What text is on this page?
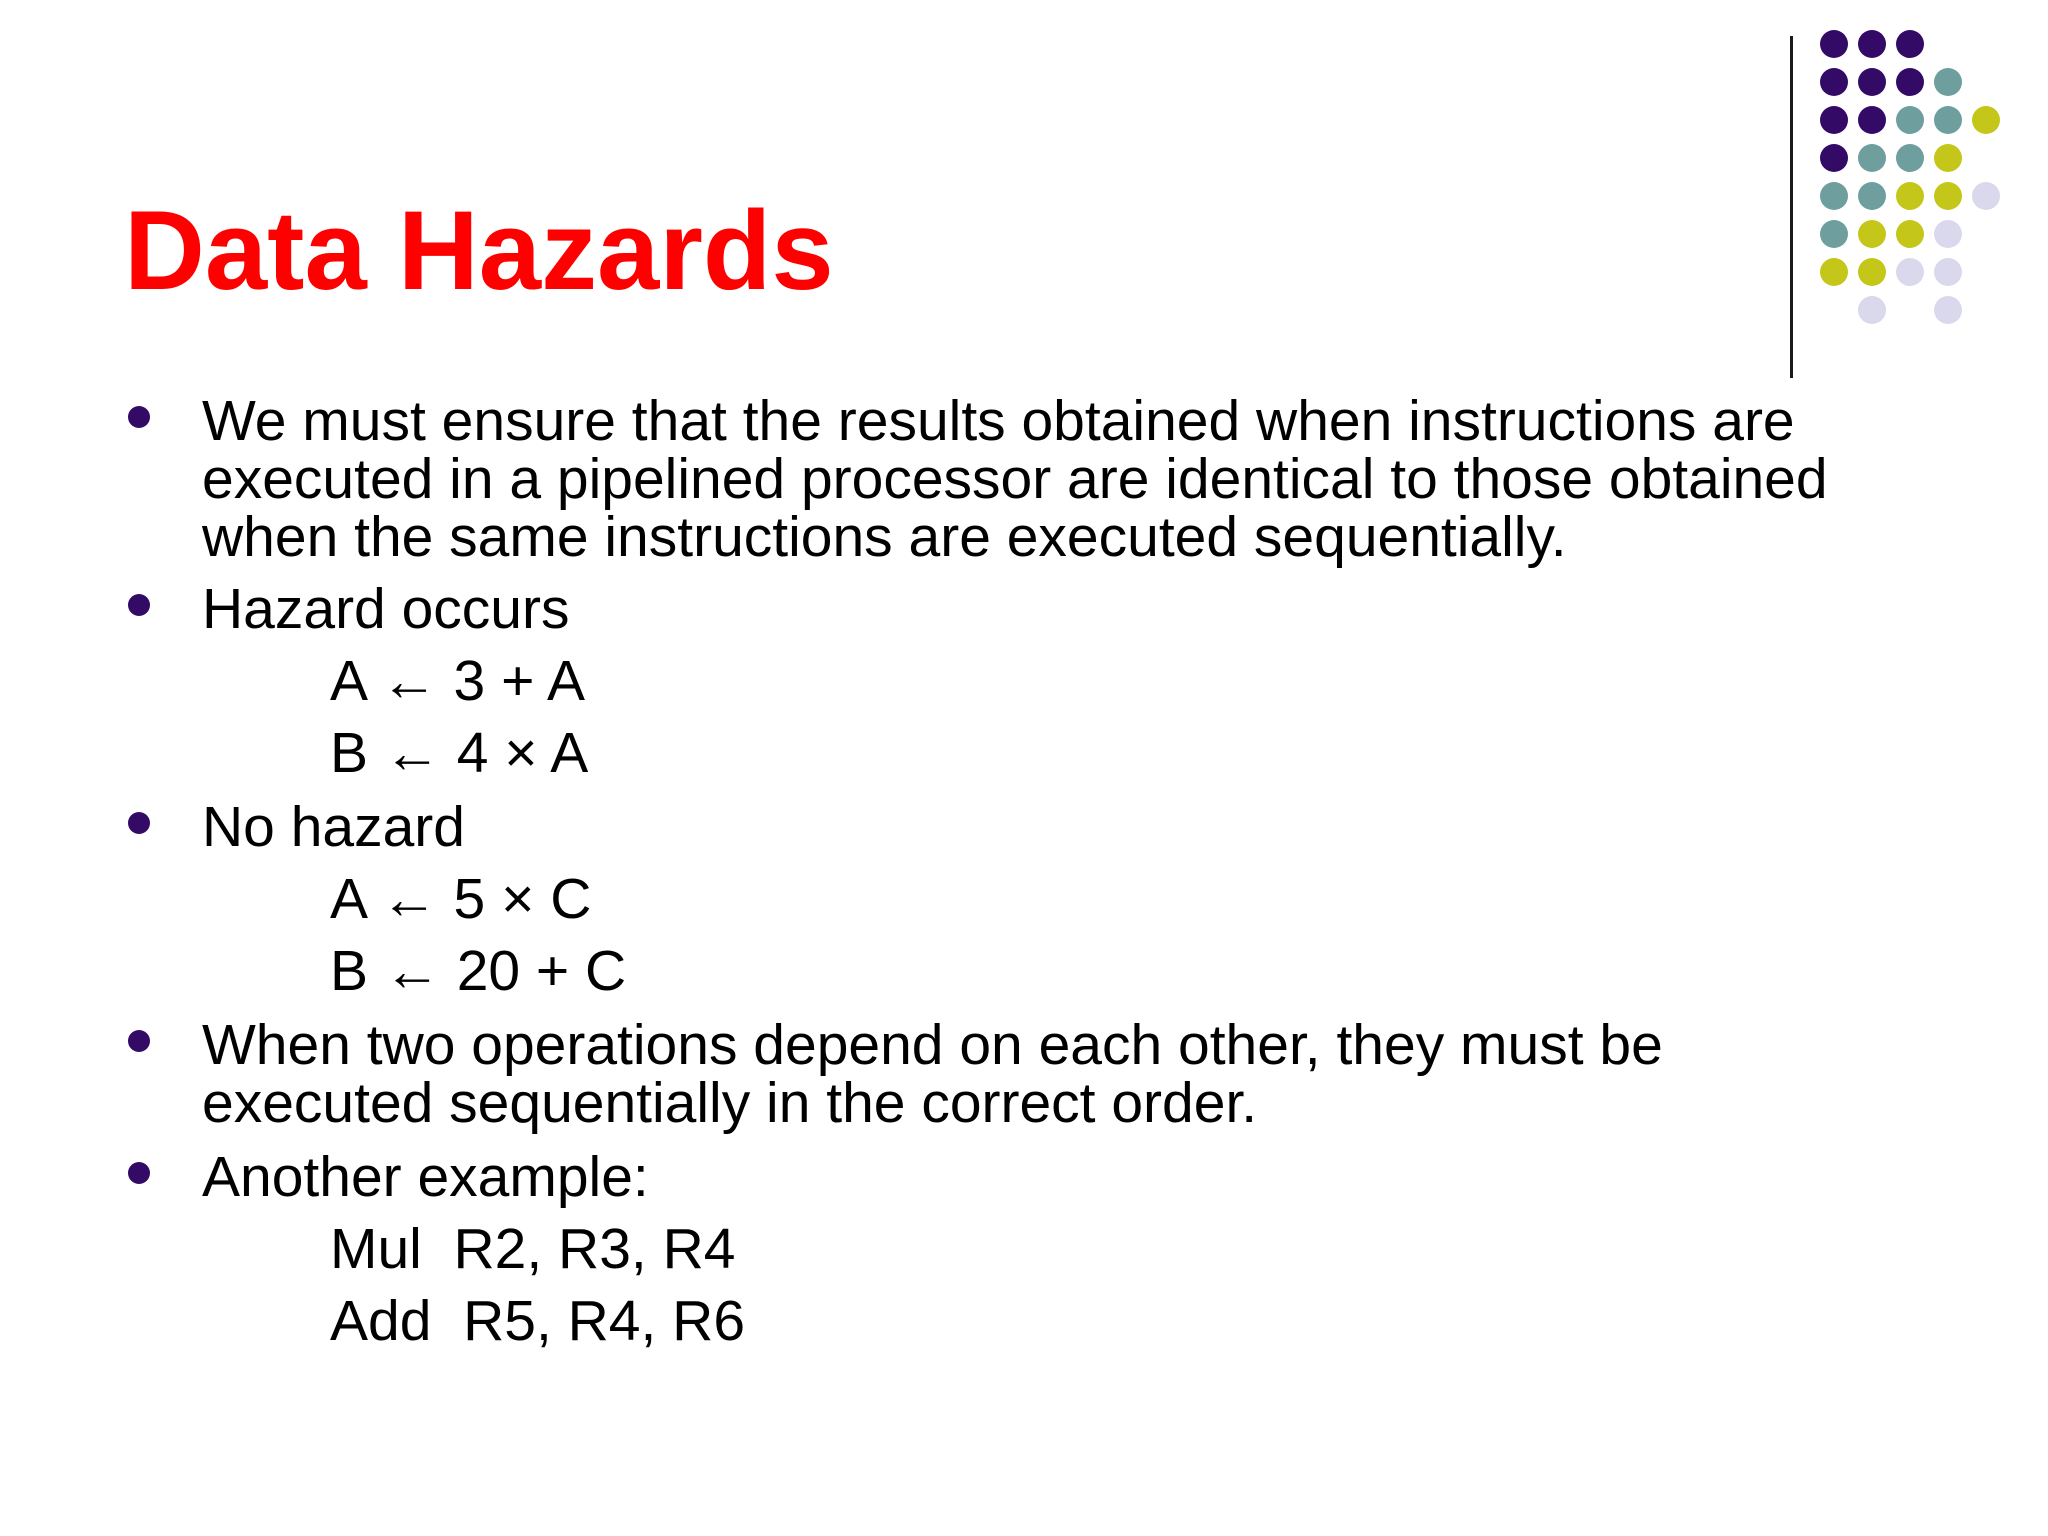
Data Hazards
We must ensure that the results obtained when instructions are
executed in a pipelined processor are identical to those obtained
when the same instructions are executed sequentially.
Hazard occurs
A ← 3 + A
B ← 4 × A
No hazard
A ← 5 × C
B ← 20 + C
When two operations depend on each other, they must be
executed sequentially in the correct order.
Another example:
Mul  R2, R3, R4
Add  R5, R4, R6
